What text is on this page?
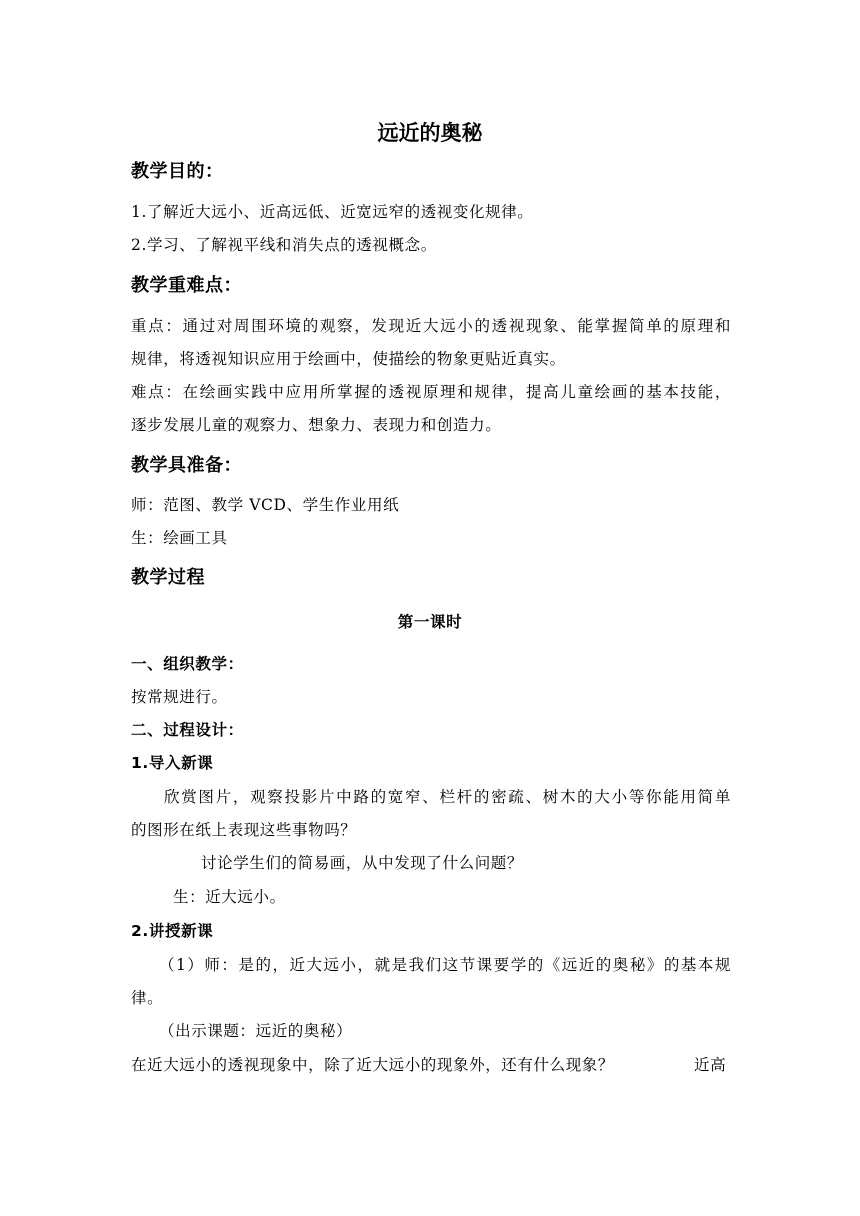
远近的奥秘
教学目的：
1.了解近大远小、近高远低、近宽远窄的透视变化规律。
2.学习、了解视平线和消失点的透视概念。
教学重难点：
重点：通过对周围环境的观察，发现近大远小的透视现象、能掌握简单的原理和
规律，将透视知识应用于绘画中，使描绘的物象更贴近真实。
难点：在绘画实践中应用所掌握的透视原理和规律，提高儿童绘画的基本技能，
逐步发展儿童的观察力、想象力、表现力和创造力。
教学具准备：
师：范图、教学 VCD、学生作业用纸
生：绘画工具
教学过程
第一课时
一、组织教学：
按常规进行。
二、过程设计：
1.导入新课
欣赏图片，观察投影片中路的宽窄、栏杆的密疏、树木的大小等你能用简单
的图形在纸上表现这些事物吗？
讨论学生们的简易画，从中发现了什么问题？
生：近大远小。
2.讲授新课
（1）师：是的，近大远小，就是我们这节课要学的《远近的奥秘》的基本规
律。
（出示课题：远近的奥秘）
在近大远小的透视现象中，除了近大远小的现象外，还有什么现象？	近高
